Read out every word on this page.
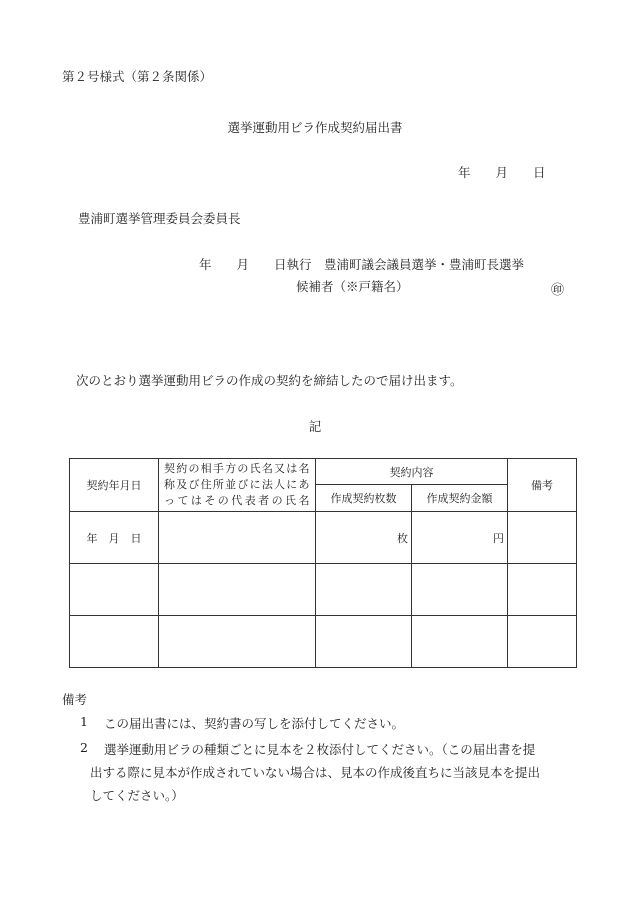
第２号様式（第２条関係）
選挙運動用ビラ作成契約届出書
年　　月　　日
豊浦町選挙管理委員会委員長
年　　月　　日執行　豊浦町議会議員選挙・豊浦町長選挙
候補者（※戸籍名）	㊞
次のとおり選挙運動用ビラの作成の契約を締結したので届け出ます。
記
契約年月日	契約の相手方の氏名又は名称及び住所並びに法人にあってはその代表者の氏名	契約内容		備考
		作成契約枚数	作成契約金額	
年　月　日		枚	円	

備考
1 この届出書には、契約書の写しを添付してください。
2 選挙運動用ビラの種類ごとに見本を２枚添付してください。（この届出書を提
出する際に見本が作成されていない場合は、見本の作成後直ちに当該見本を提出
してください。）
